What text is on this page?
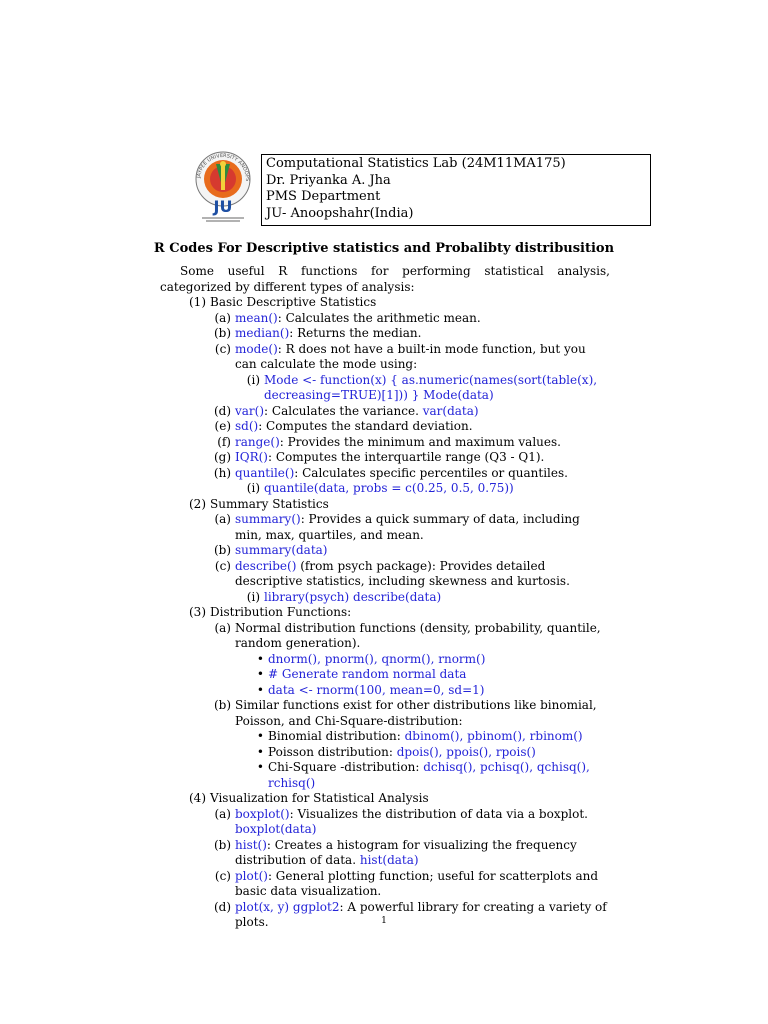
JAYPEE UNIVERSITY ANOOPS
JU
Computational Statistics Lab (24M11MA175)
Dr. Priyanka A. Jha
PMS Department
JU- Anoopshahr(India)
R Codes For Descriptive statistics and Probalibty distribusition

Some useful R functions for performing statistical analysis, categorized by different types of analysis:

(1) Basic Descriptive Statistics
(a) mean(): Calculates the arithmetic mean.
(b) median(): Returns the median.
(c) mode(): R does not have a built-in mode function, but you can calculate the mode using:
(i) Mode <- function(x) { as.numeric(names(sort(table(x), decreasing=TRUE)[1])) } Mode(data)
(d) var(): Calculates the variance. var(data)
(e) sd(): Computes the standard deviation.
(f) range(): Provides the minimum and maximum values.
(g) IQR(): Computes the interquartile range (Q3 - Q1).
(h) quantile(): Calculates specific percentiles or quantiles.
(i) quantile(data, probs = c(0.25, 0.5, 0.75))
(2) Summary Statistics
(a) summary(): Provides a quick summary of data, including min, max, quartiles, and mean.
(b) summary(data)
(c) describe() (from psych package): Provides detailed descriptive statistics, including skewness and kurtosis.
(i) library(psych) describe(data)
(3) Distribution Functions:
(a) Normal distribution functions (density, probability, quantile, random generation).
• dnorm(), pnorm(), qnorm(), rnorm()
• # Generate random normal data
• data <- rnorm(100, mean=0, sd=1)
(b) Similar functions exist for other distributions like binomial, Poisson, and Chi-Square-distribution:
• Binomial distribution: dbinom(), pbinom(), rbinom()
• Poisson distribution: dpois(), ppois(), rpois()
• Chi-Square -distribution: dchisq(), pchisq(), qchisq(), rchisq()
(4) Visualization for Statistical Analysis
(a) boxplot(): Visualizes the distribution of data via a boxplot. boxplot(data)
(b) hist(): Creates a histogram for visualizing the frequency distribution of data. hist(data)
(c) plot(): General plotting function; useful for scatterplots and basic data visualization.
(d) plot(x, y) ggplot2: A powerful library for creating a variety of plots.	1
